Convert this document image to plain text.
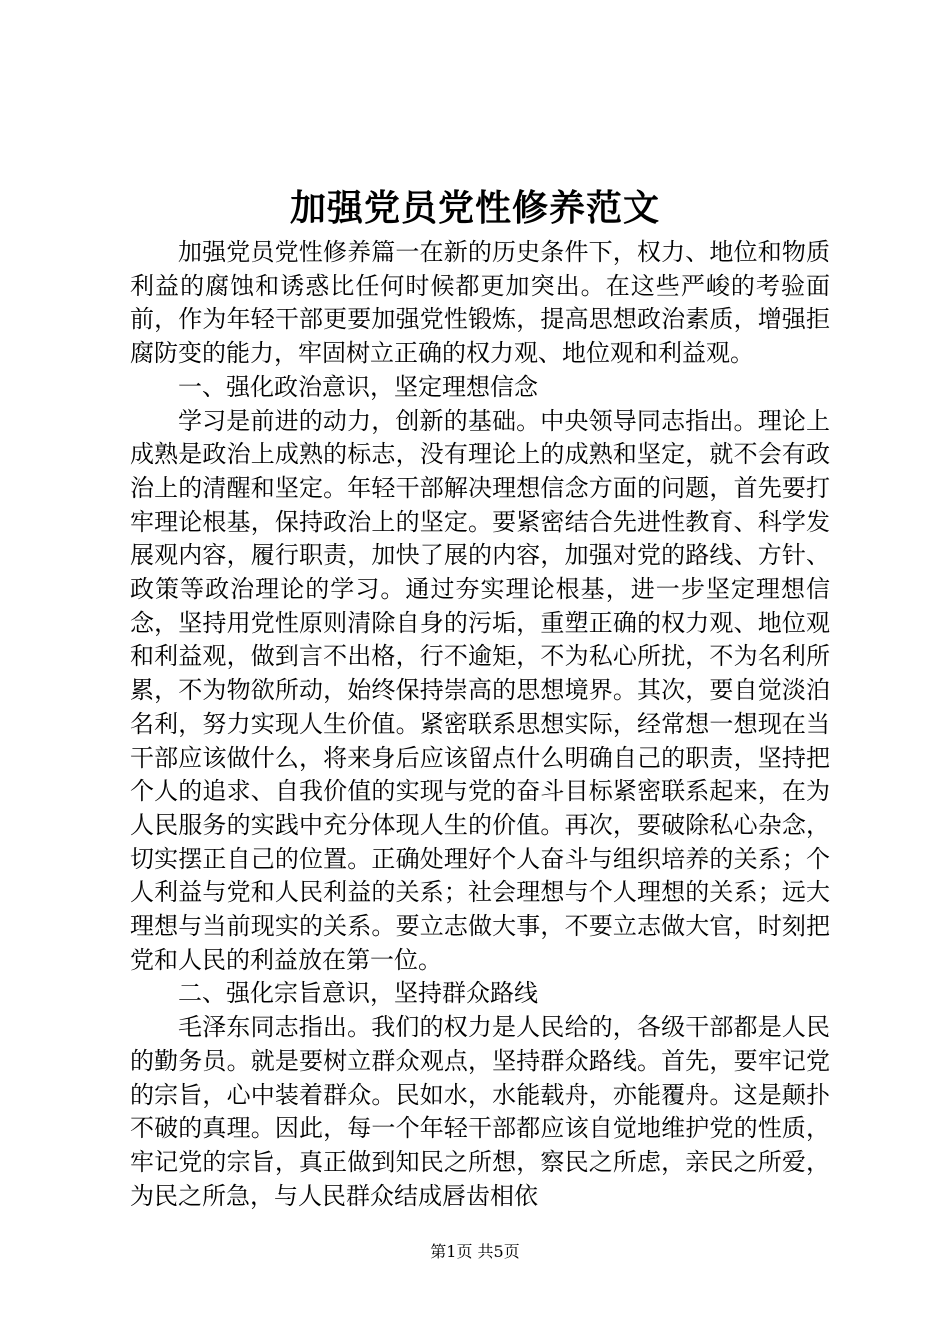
加强党员党性修养范文

加强党员党性修养篇一在新的历史条件下，权力、地位和物质利益的腐蚀和诱惑比任何时候都更加突出。在这些严峻的考验面前，作为年轻干部更要加强党性锻炼，提高思想政治素质，增强拒腐防变的能力，牢固树立正确的权力观、地位观和利益观。

一、强化政治意识，坚定理想信念

学习是前进的动力，创新的基础。中央领导同志指出。理论上成熟是政治上成熟的标志，没有理论上的成熟和坚定，就不会有政治上的清醒和坚定。年轻干部解决理想信念方面的问题，首先要打牢理论根基，保持政治上的坚定。要紧密结合先进性教育、科学发展观内容，履行职责，加快了展的内容，加强对党的路线、方针、政策等政治理论的学习。通过夯实理论根基，进一步坚定理想信念，坚持用党性原则清除自身的污垢，重塑正确的权力观、地位观和利益观，做到言不出格，行不逾矩，不为私心所扰，不为名利所累，不为物欲所动，始终保持崇高的思想境界。其次，要自觉淡泊名利，努力实现人生价值。紧密联系思想实际，经常想一想现在当干部应该做什么，将来身后应该留点什么明确自己的职责，坚持把个人的追求、自我价值的实现与党的奋斗目标紧密联系起来，在为人民服务的实践中充分体现人生的价值。再次，要破除私心杂念，切实摆正自己的位置。正确处理好个人奋斗与组织培养的关系；个人利益与党和人民利益的关系；社会理想与个人理想的关系；远大理想与当前现实的关系。要立志做大事，不要立志做大官，时刻把党和人民的利益放在第一位。

二、强化宗旨意识，坚持群众路线

毛泽东同志指出。我们的权力是人民给的，各级干部都是人民的勤务员。就是要树立群众观点，坚持群众路线。首先，要牢记党的宗旨，心中装着群众。民如水，水能载舟，亦能覆舟。这是颠扑不破的真理。因此，每一个年轻干部都应该自觉地维护党的性质，牢记党的宗旨，真正做到知民之所想，察民之所虑，亲民之所爱，为民之所急，与人民群众结成唇齿相依

第1页 共5页
